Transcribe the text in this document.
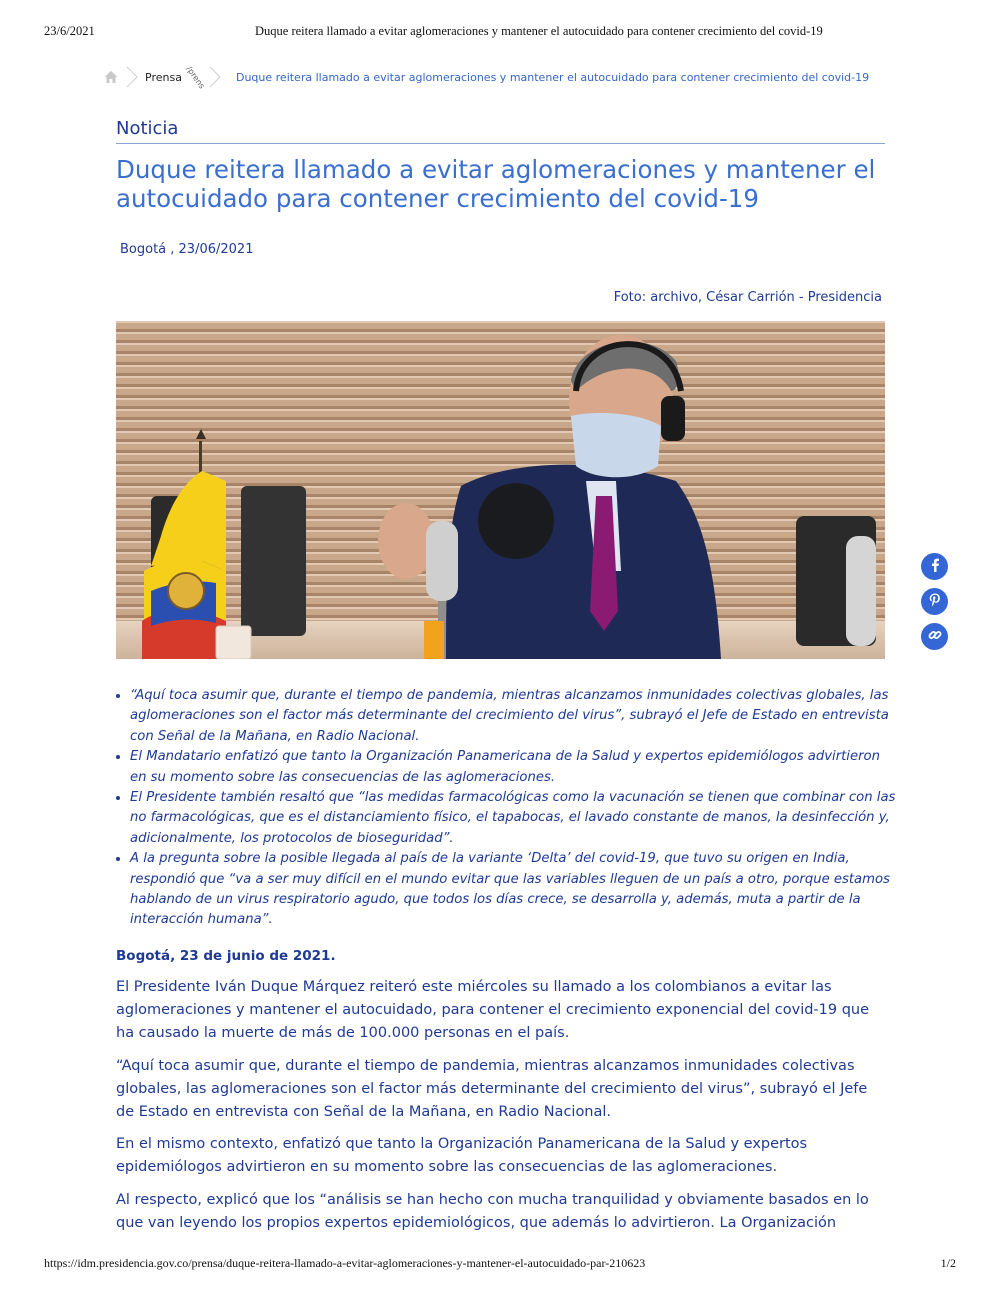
23/6/2021	Duque reitera llamado a evitar aglomeraciones y mantener el autocuidado para contener crecimiento del covid-19
Prensa /prens	Duque reitera llamado a evitar aglomeraciones y mantener el autocuidado para contener crecimiento del covid-19
Noticia
Duque reitera llamado a evitar aglomeraciones y mantener el autocuidado para contener crecimiento del covid-19
Bogotá , 23/06/2021
Foto: archivo, César Carrión - Presidencia
• “Aquí toca asumir que, durante el tiempo de pandemia, mientras alcanzamos inmunidades colectivas globales, las aglomeraciones son el factor más determinante del crecimiento del virus”, subrayó el Jefe de Estado en entrevista con Señal de la Mañana, en Radio Nacional.
• El Mandatario enfatizó que tanto la Organización Panamericana de la Salud y expertos epidemiólogos advirtieron en su momento sobre las consecuencias de las aglomeraciones.
• El Presidente también resaltó que “las medidas farmacológicas como la vacunación se tienen que combinar con las no farmacológicas, que es el distanciamiento físico, el tapabocas, el lavado constante de manos, la desinfección y, adicionalmente, los protocolos de bioseguridad”.
• A la pregunta sobre la posible llegada al país de la variante ‘Delta’ del covid-19, que tuvo su origen en India, respondió que “va a ser muy difícil en el mundo evitar que las variables lleguen de un país a otro, porque estamos hablando de un virus respiratorio agudo, que todos los días crece, se desarrolla y, además, muta a partir de la interacción humana”.
Bogotá, 23 de junio de 2021.

El Presidente Iván Duque Márquez reiteró este miércoles su llamado a los colombianos a evitar las aglomeraciones y mantener el autocuidado, para contener el crecimiento exponencial del covid-19 que ha causado la muerte de más de 100.000 personas en el país.

“Aquí toca asumir que, durante el tiempo de pandemia, mientras alcanzamos inmunidades colectivas globales, las aglomeraciones son el factor más determinante del crecimiento del virus”, subrayó el Jefe de Estado en entrevista con Señal de la Mañana, en Radio Nacional.

En el mismo contexto, enfatizó que tanto la Organización Panamericana de la Salud y expertos epidemiólogos advirtieron en su momento sobre las consecuencias de las aglomeraciones.

Al respecto, explicó que los “análisis se han hecho con mucha tranquilidad y obviamente basados en lo que van leyendo los propios expertos epidemiológicos, que además lo advirtieron. La Organización

https://idm.presidencia.gov.co/prensa/duque-reitera-llamado-a-evitar-aglomeraciones-y-mantener-el-autocuidado-par-210623	1/2
